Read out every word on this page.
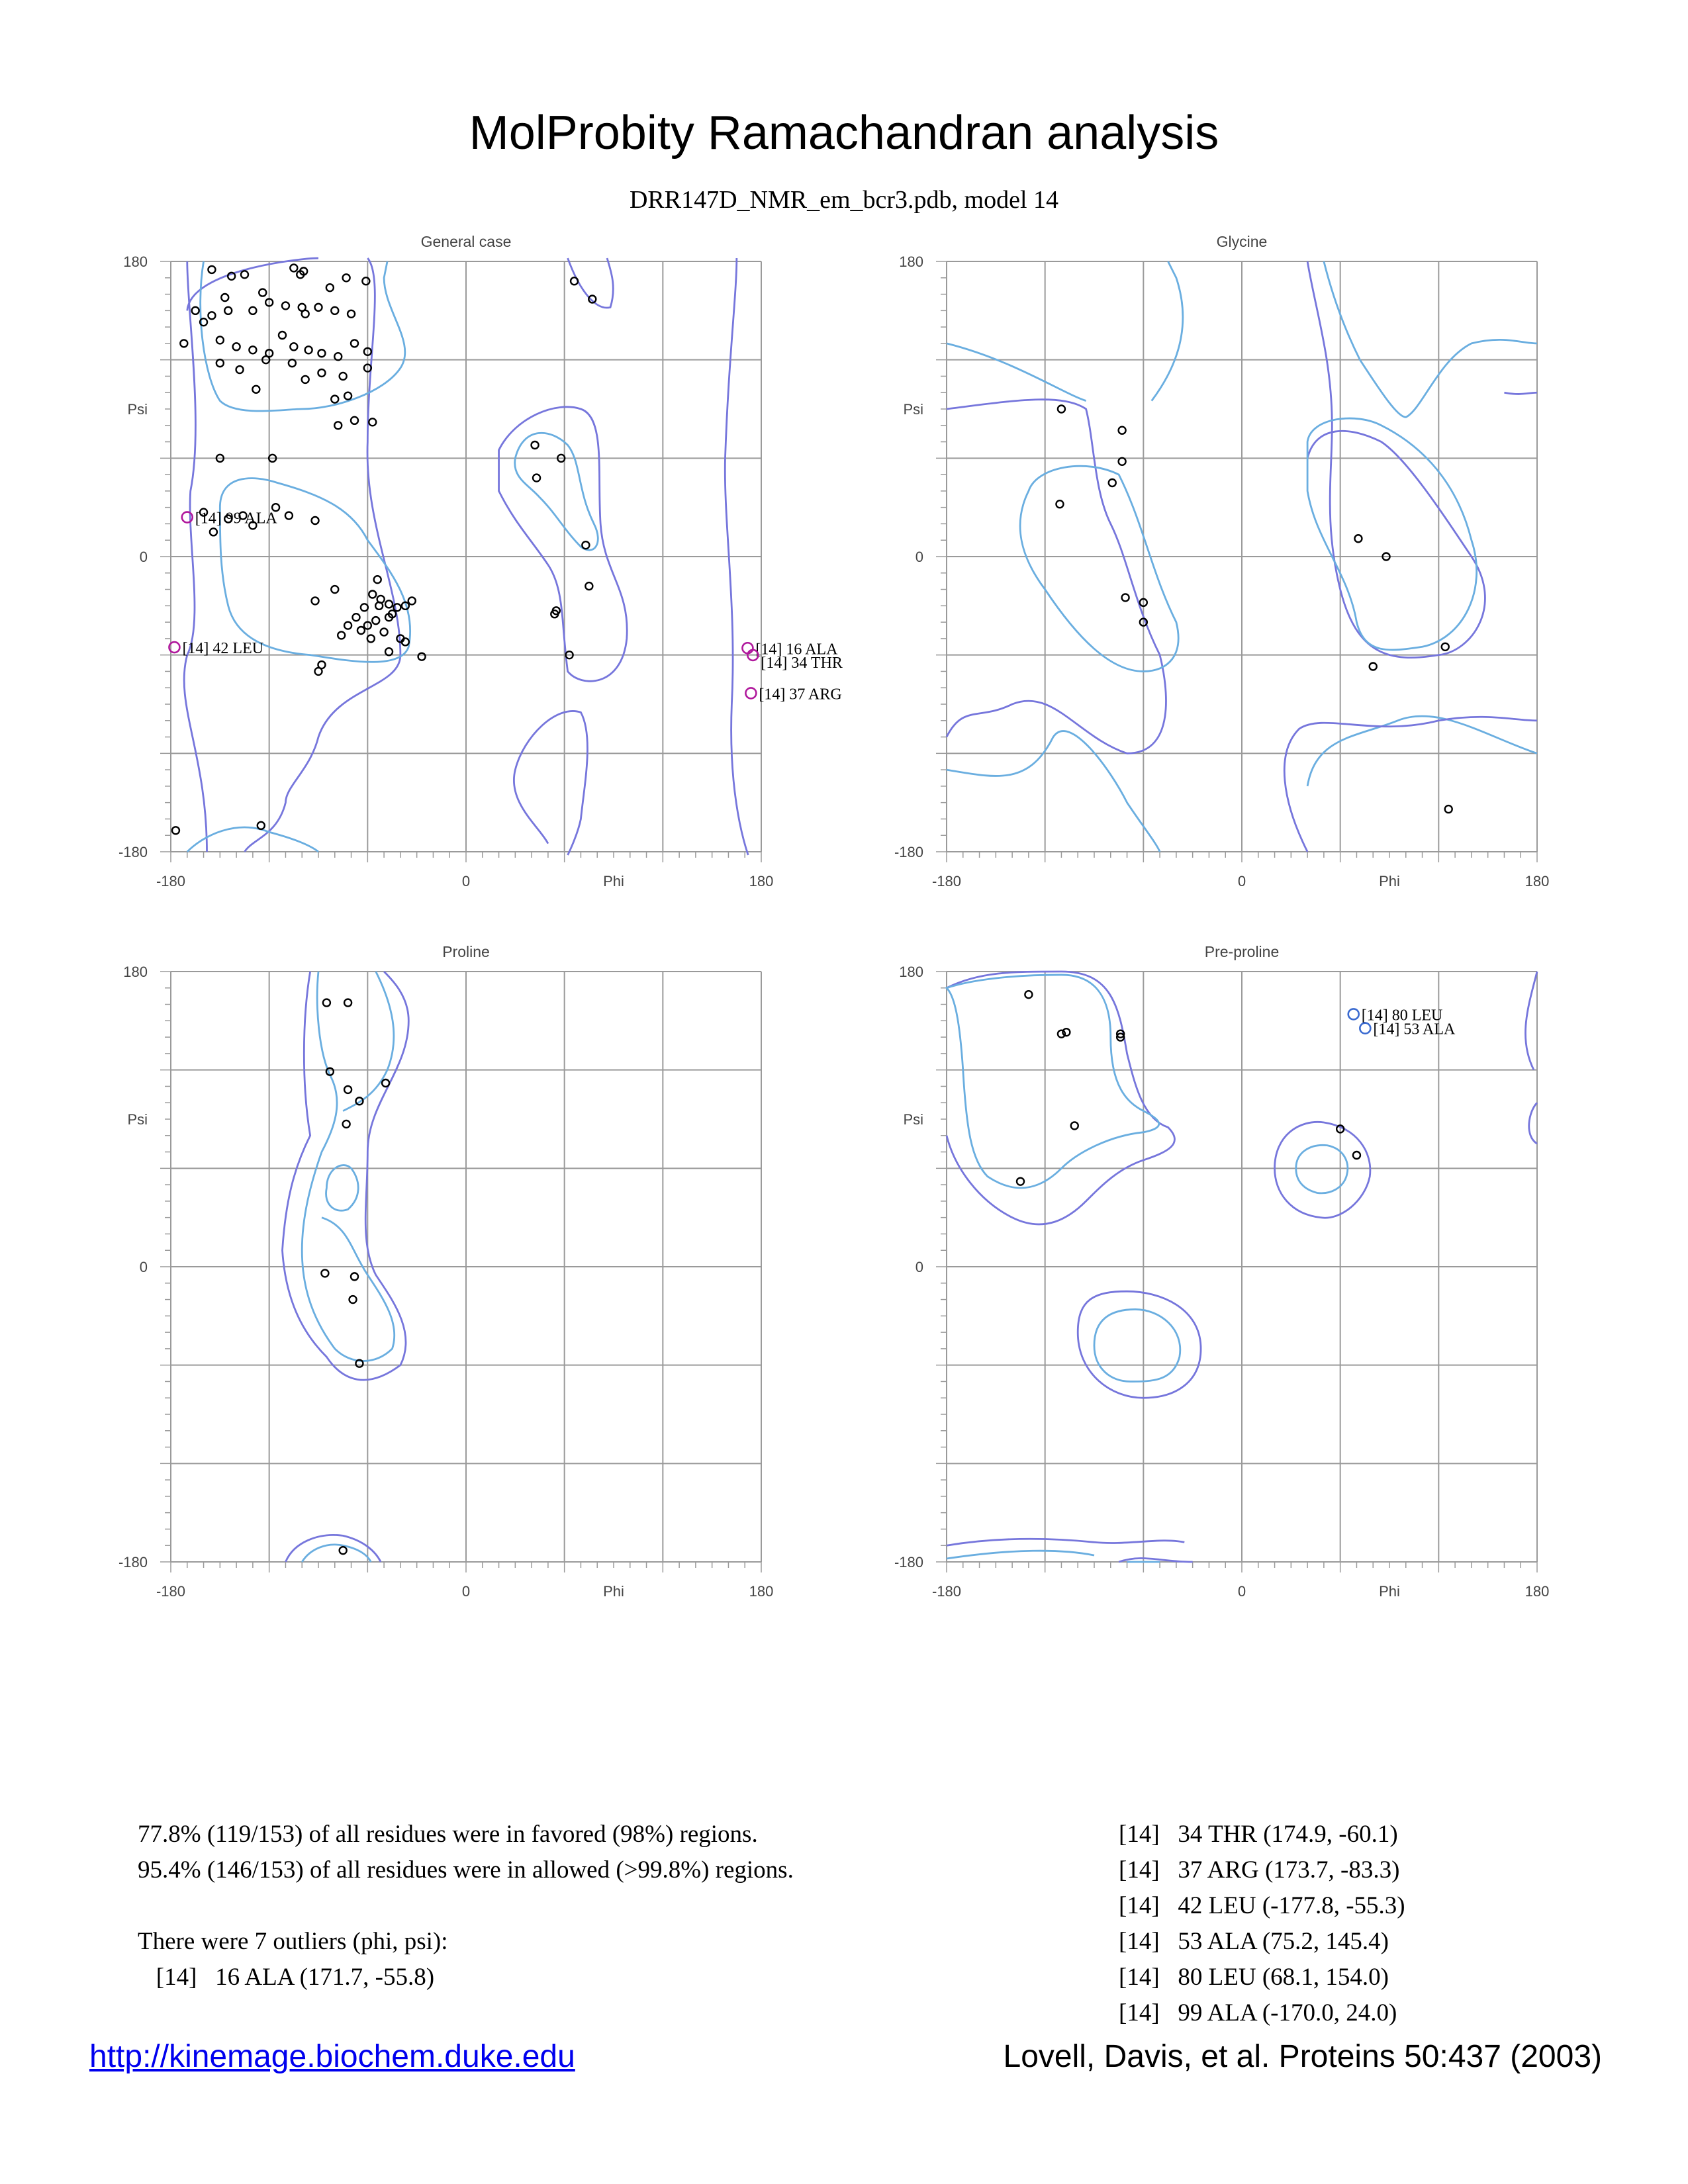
MolProbity Ramachandran analysis
DRR147D_NMR_em_bcr3.pdb, model 14
General case
-180	0	180
Phi
180
0
-180
Psi
[14] 99 ALA
[14] 42 LEU	[14] 16 ALA
[14] 34 THR
[14] 37 ARG
Glycine
-180	0	180
Phi
180
0
-180
Psi
Proline
-180	0	180
Phi
180
0
-180
Psi
Pre-proline
-180	0	180
Phi
180
0
-180
Psi
[14] 80 LEU
[14] 53 ALA
77.8% (119/153) of all residues were in favored (98%) regions.
95.4% (146/153) of all residues were in allowed (>99.8%) regions.
There were 7 outliers (phi, psi):
[14]   16 ALA (171.7, -55.8)
[14]   34 THR (174.9, -60.1)
[14]   37 ARG (173.7, -83.3)
[14]   42 LEU (-177.8, -55.3)
[14]   53 ALA (75.2, 145.4)
[14]   80 LEU (68.1, 154.0)
[14]   99 ALA (-170.0, 24.0)
http://kinemage.biochem.duke.edu	Lovell, Davis, et al. Proteins 50:437 (2003)
